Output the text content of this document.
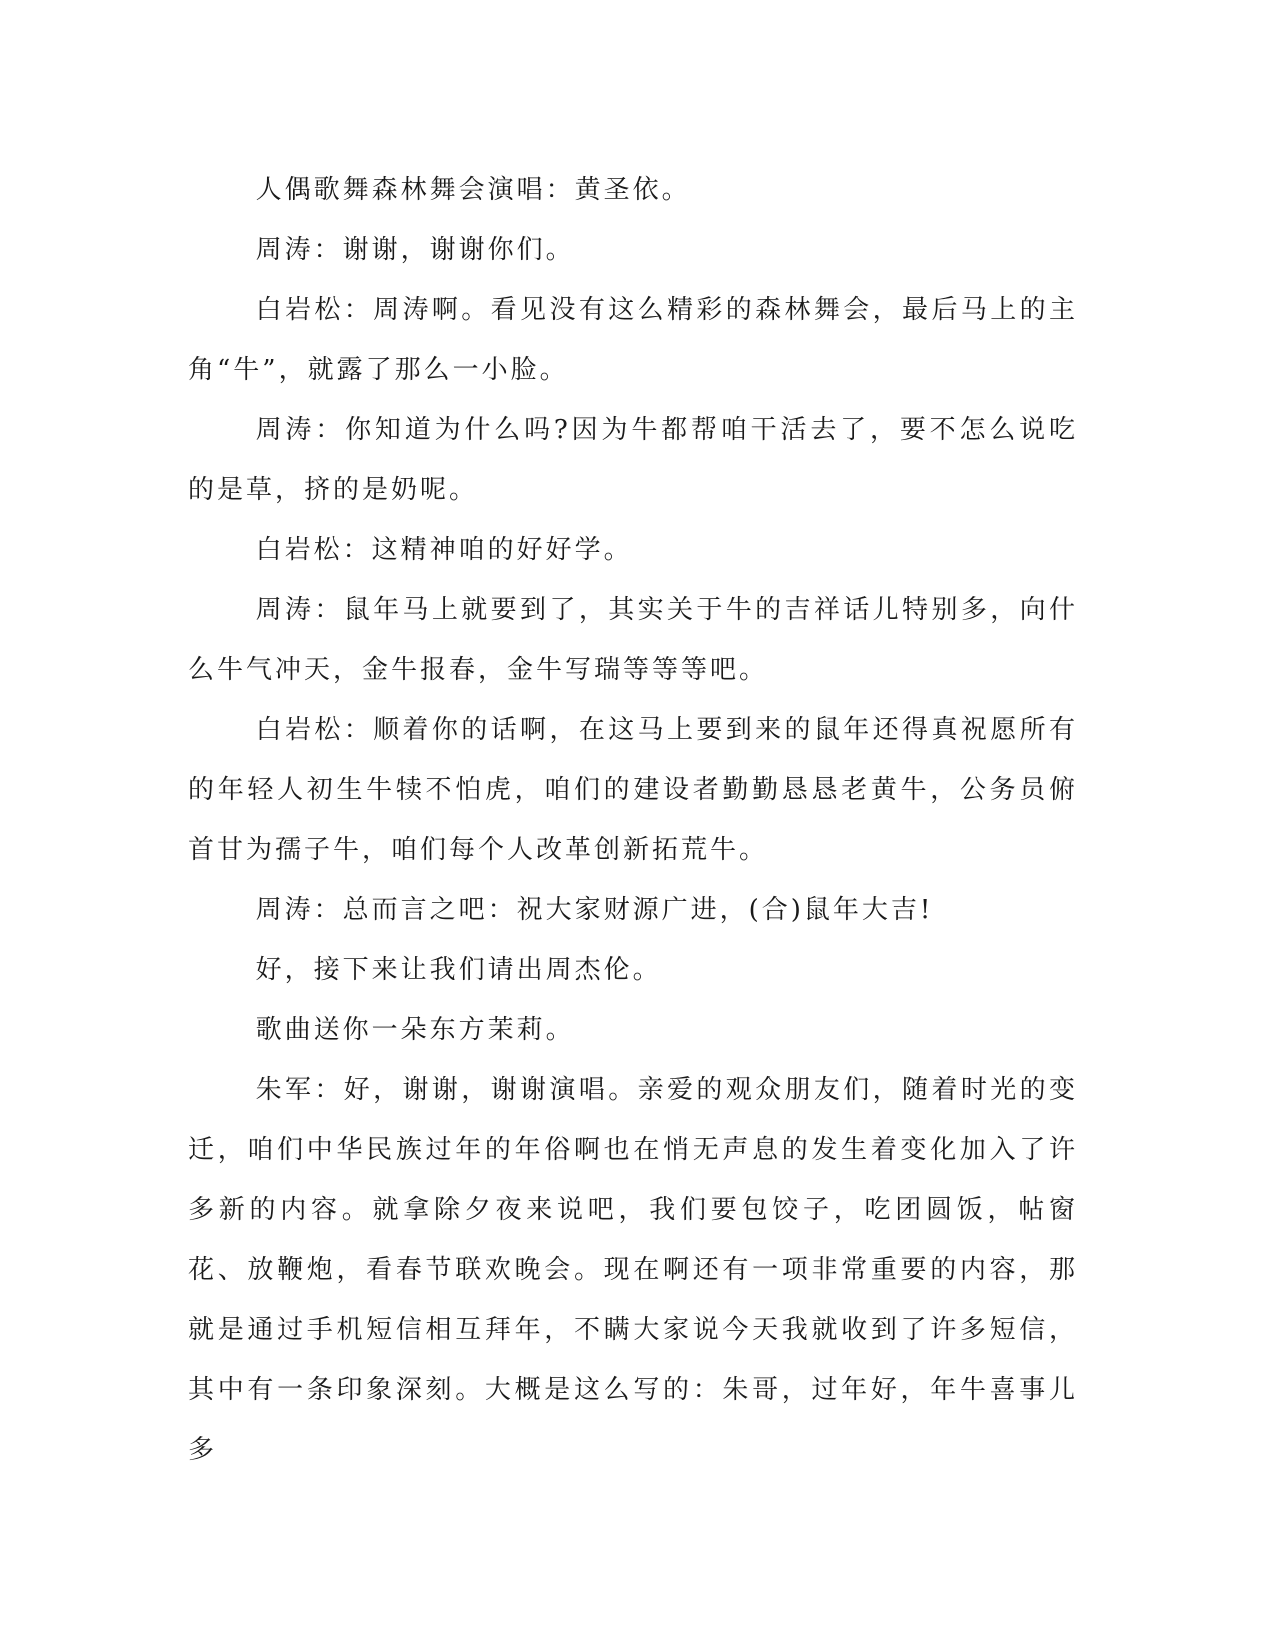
人偶歌舞森林舞会演唱：黄圣依。

周涛：谢谢，谢谢你们。

白岩松：周涛啊。看见没有这么精彩的森林舞会，最后马上的主角“牛”，就露了那么一小脸。

周涛：你知道为什么吗?因为牛都帮咱干活去了，要不怎么说吃的是草，挤的是奶呢。

白岩松：这精神咱的好好学。

周涛：鼠年马上就要到了，其实关于牛的吉祥话儿特别多，向什么牛气冲天，金牛报春，金牛写瑞等等等吧。

白岩松：顺着你的话啊，在这马上要到来的鼠年还得真祝愿所有的年轻人初生牛犊不怕虎，咱们的建设者勤勤恳恳老黄牛，公务员俯首甘为孺子牛，咱们每个人改革创新拓荒牛。

周涛：总而言之吧：祝大家财源广进，(合)鼠年大吉!

好，接下来让我们请出周杰伦。

歌曲送你一朵东方茉莉。

朱军：好，谢谢，谢谢演唱。亲爱的观众朋友们，随着时光的变迁，咱们中华民族过年的年俗啊也在悄无声息的发生着变化加入了许多新的内容。就拿除夕夜来说吧，我们要包饺子，吃团圆饭，帖窗花、放鞭炮，看春节联欢晚会。现在啊还有一项非常重要的内容，那就是通过手机短信相互拜年，不瞒大家说今天我就收到了许多短信，其中有一条印象深刻。大概是这么写的：朱哥，过年好，年牛喜事儿多
